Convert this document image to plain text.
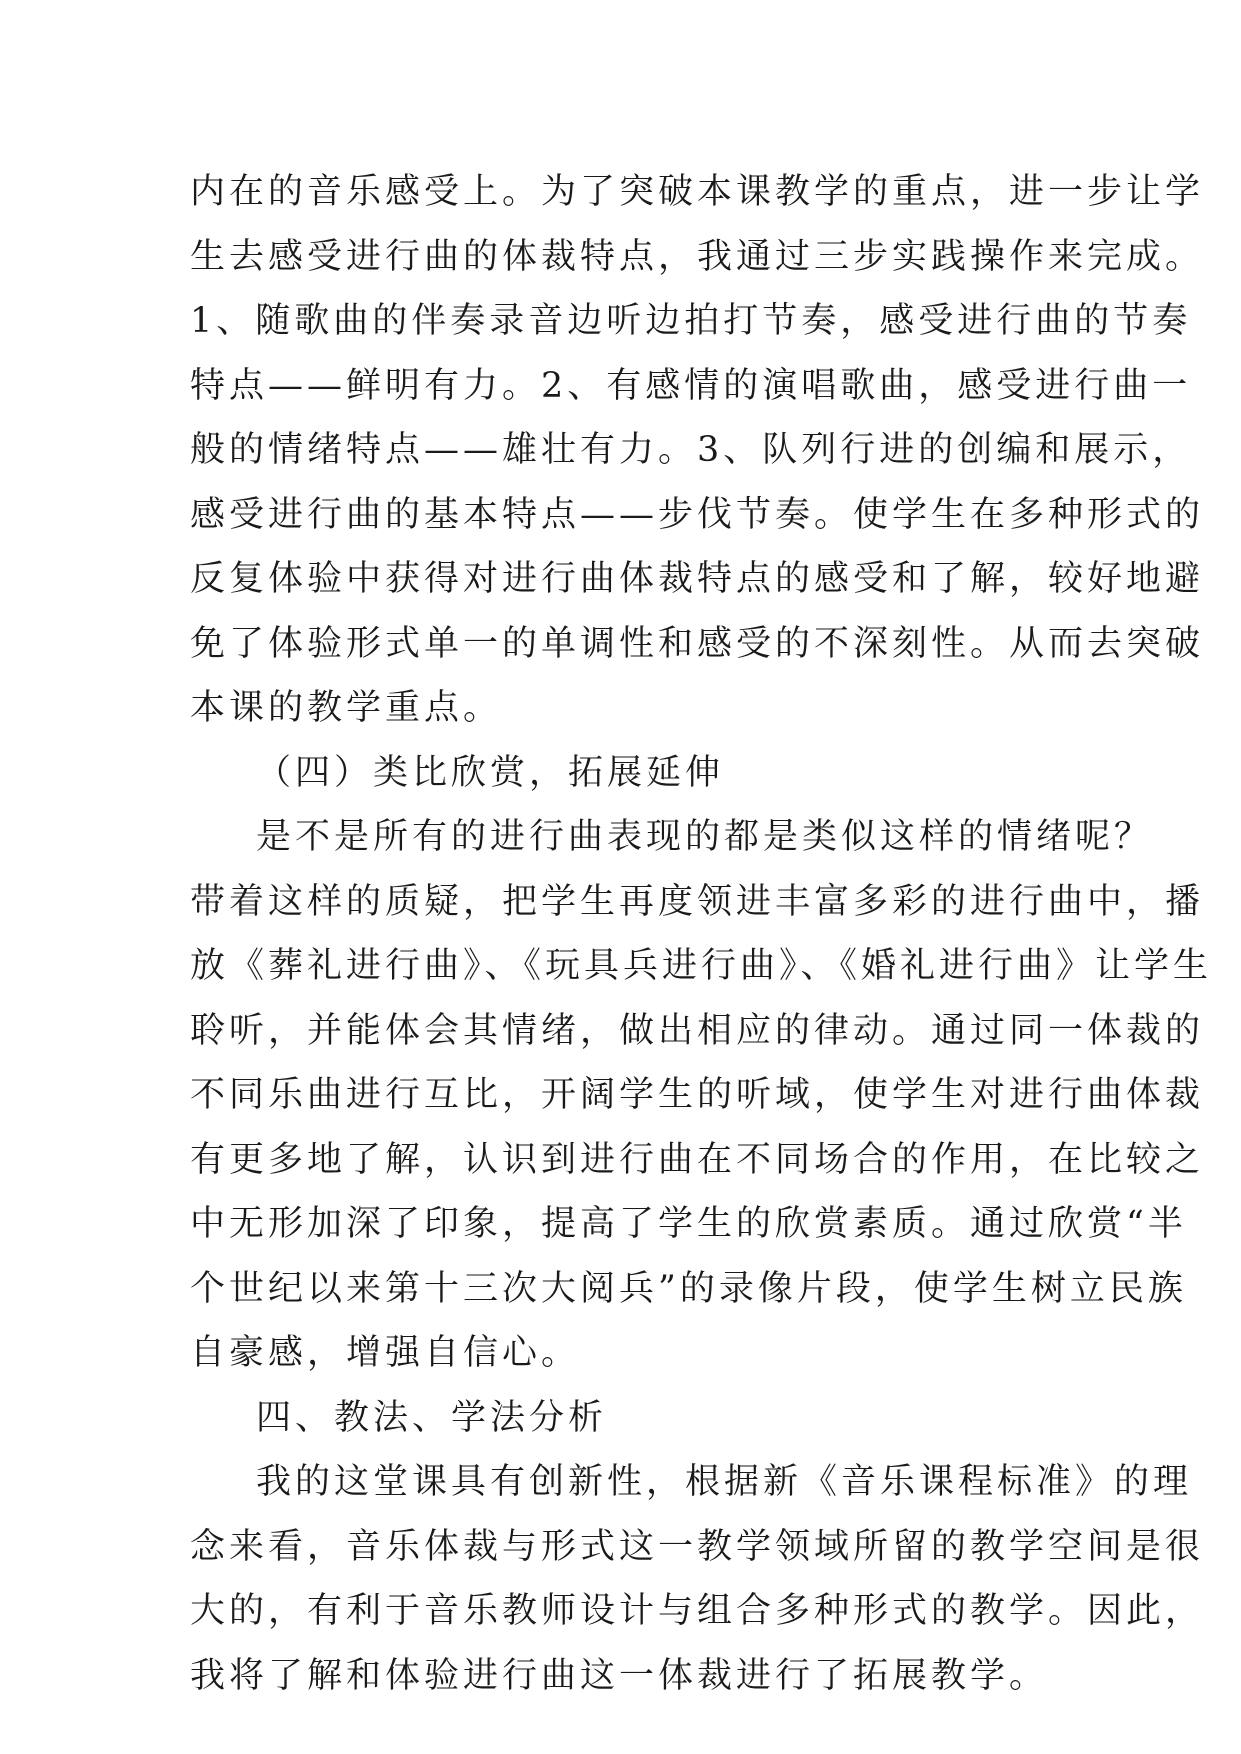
内在的音乐感受上。为了突破本课教学的重点，进一步让学
生去感受进行曲的体裁特点，我通过三步实践操作来完成。
1、随歌曲的伴奏录音边听边拍打节奏，感受进行曲的节奏
特点——鲜明有力。2、有感情的演唱歌曲，感受进行曲一
般的情绪特点——雄壮有力。3、队列行进的创编和展示，
感受进行曲的基本特点——步伐节奏。使学生在多种形式的
反复体验中获得对进行曲体裁特点的感受和了解，较好地避
免了体验形式单一的单调性和感受的不深刻性。从而去突破
本课的教学重点。
（四）类比欣赏，拓展延伸
是不是所有的进行曲表现的都是类似这样的情绪呢？
带着这样的质疑，把学生再度领进丰富多彩的进行曲中，播
放《葬礼进行曲》、《玩具兵进行曲》、《婚礼进行曲》让学生
聆听，并能体会其情绪，做出相应的律动。通过同一体裁的
不同乐曲进行互比，开阔学生的听域，使学生对进行曲体裁
有更多地了解，认识到进行曲在不同场合的作用，在比较之
中无形加深了印象，提高了学生的欣赏素质。通过欣赏“半
个世纪以来第十三次大阅兵”的录像片段，使学生树立民族
自豪感，增强自信心。
四、教法、学法分析
我的这堂课具有创新性，根据新《音乐课程标准》的理
念来看，音乐体裁与形式这一教学领域所留的教学空间是很
大的，有利于音乐教师设计与组合多种形式的教学。因此，
我将了解和体验进行曲这一体裁进行了拓展教学。
